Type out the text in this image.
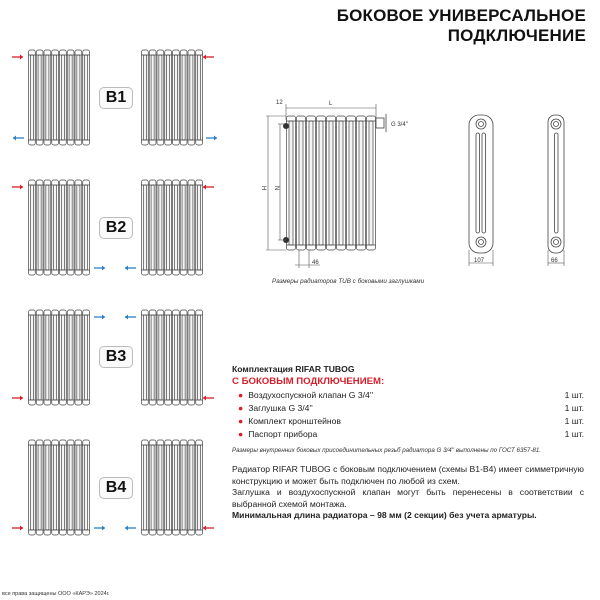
БОКОВОЕ УНИВЕРСАЛЬНОЕ
ПОДКЛЮЧЕНИЕ
B1
B2
B3
B4
12	L
H N
46
G 3/4''
107	66
Размеры радиаторов TUB с боковыми заглушками
Комплектация RIFAR TUBOG
С БОКОВЫМ ПОДКЛЮЧЕНИЕМ:
● Воздухоспускной клапан G 3/4''	1 шт.
● Заглушка G 3/4''	1 шт.
● Комплект кронштейнов	1 шт.
● Паспорт прибора	1 шт.
Размеры внутренних боковых присоединительных резьб радиатора G 3/4'' выполнены по ГОСТ 6357-81.

Радиатор RIFAR TUBOG с боковым подключением (схемы В1-В4) имеет симметричную конструкцию и может быть подключен по любой из схем.

Заглушка и воздухоспускной клапан могут быть перенесены в соответствии с выбранной схемой монтажа.

Минимальная длина радиатора – 98 мм (2 секции) без учета арматуры.

все права защищены ООО «КАРЭ» 2024г.
